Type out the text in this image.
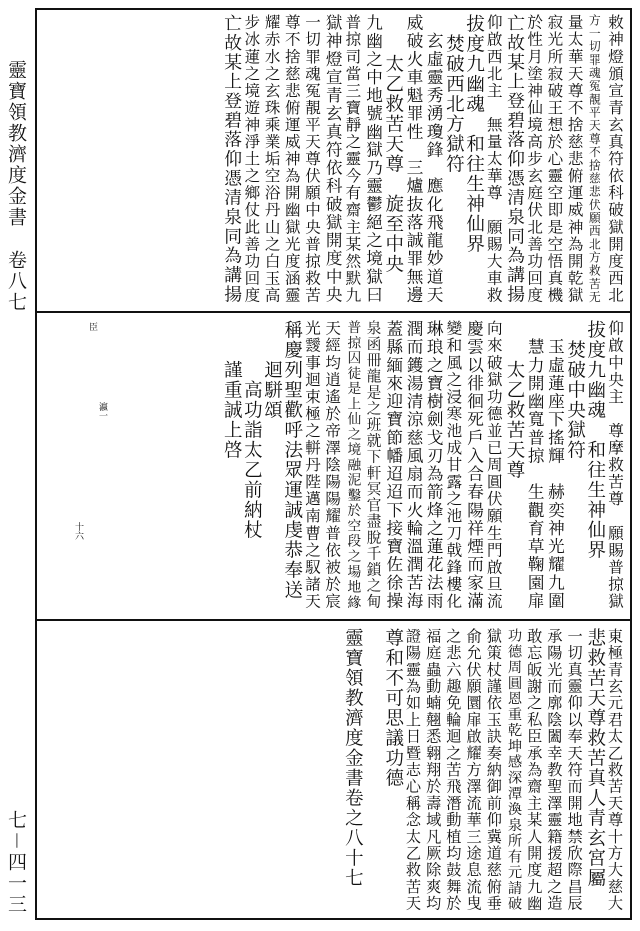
靈寶領教濟度金書
卷八七
七－四一三
敕神燈頒宣青玄真符依科破獄開度西北
方一切罪魂冤靚平天尊不捨慈悲伏願西北方救苦无
量太華天尊不捨慈悲俯運威神為開乾獄
寂光所寂破王想於心靈空即是空悟真機
於性月塗神仙境高步玄庭伏北善功回度
亡故某上登碧落仰憑清泉同為講揚
仰啟西北主　無量太華尊　願賜大車救
拔度九幽魂　和往生神仙界
　焚破西北方獄符
　玄虛靈秀湧瓊鋒　應化飛龍妙道天
威破火車魁罪性　三爐抜落誠罪無邊
　　太乙救苦天尊　旋至中央
九幽之中地號幽獄乃靈鬱絕之境獄曰
普掠司當三寶靜之靈今有齋主某然默九
獄神燈宣青玄真符依科破獄開度中央
一切罪魂冤靚平天尊伏願中央普掠救苦
尊不捨慈悲俯運威神為開幽獄光度涵靈
耀赤水之玄珠乘業垢空浴丹山之白玉高
步冰蓮之境遊神淨土之鄉仗此善功回度
亡故某上登碧落仰憑清泉同為講揚
仰啟中央主　尊摩救苦尊　願賜普掠獄
拔度九幽魂　和往生神仙界
　焚破中央獄符
　玉虛蓮座下搖輝　赫奕神光耀九圍
　慧力開幽寬普掠　生觀育草鞠園扉
　　太乙救苦天尊
向來破獄功德並已周圓伏願生門啟旦流
慶雲以徘徊死戶入合春陽祥煙而家滿
變和風之浸寒池成甘露之池刀戟鋒樓化
琳琅之寶樹劍戈刃為箭烽之蓮花法雨
潤而鑊湯清涼慈風扇而火輪溫潤苦海
蓋縣緬來迎寶節幡迢迢下接寶佐徐操
泉函冊龍是之班就下軒冥官盡脫千鎖之甸
普掠囚徒是上仙之境融泥鑿於空段之場地緣
天經均逍遙於帝澤陰陽陽耀普依被於宸
光靉事迴束極之軿丹陛邁南曹之馭諸天
稱慶列聖歡呼法眾運誠虔恭奉送
　　迴駢頌
　　　高功詣太乙前納杖
　　謹重誠上啓
東極青玄元君太乙救苦天尊十方大慈大
悲救苦天尊救苦真人青玄宮屬
一切真靈仰以奉天符而開地禁欣際昌辰
承陽光而廓陰闔幸教聖澤靈籍援超之造
敢忘皈謝之私臣承為齋主某人開度九幽
功德周圓恩重乾坤感深潭渙泉所有元請破
獄策杖謹依玉訣奏納御前仰冀道慈俯垂
俞允伏願圜扉啟耀方澤流華三途息流曳
之悲六趣免輪迴之苦飛潛動植均鼓舞於
福庭蟲動蝻翹悉翱翔於壽域凡厥除爽均
證陽靈為如上日暨志心稱念太乙救苦天
尊和不可思議功德
靈寶領教濟度金書卷之八十七
十六
瀛一
臣
